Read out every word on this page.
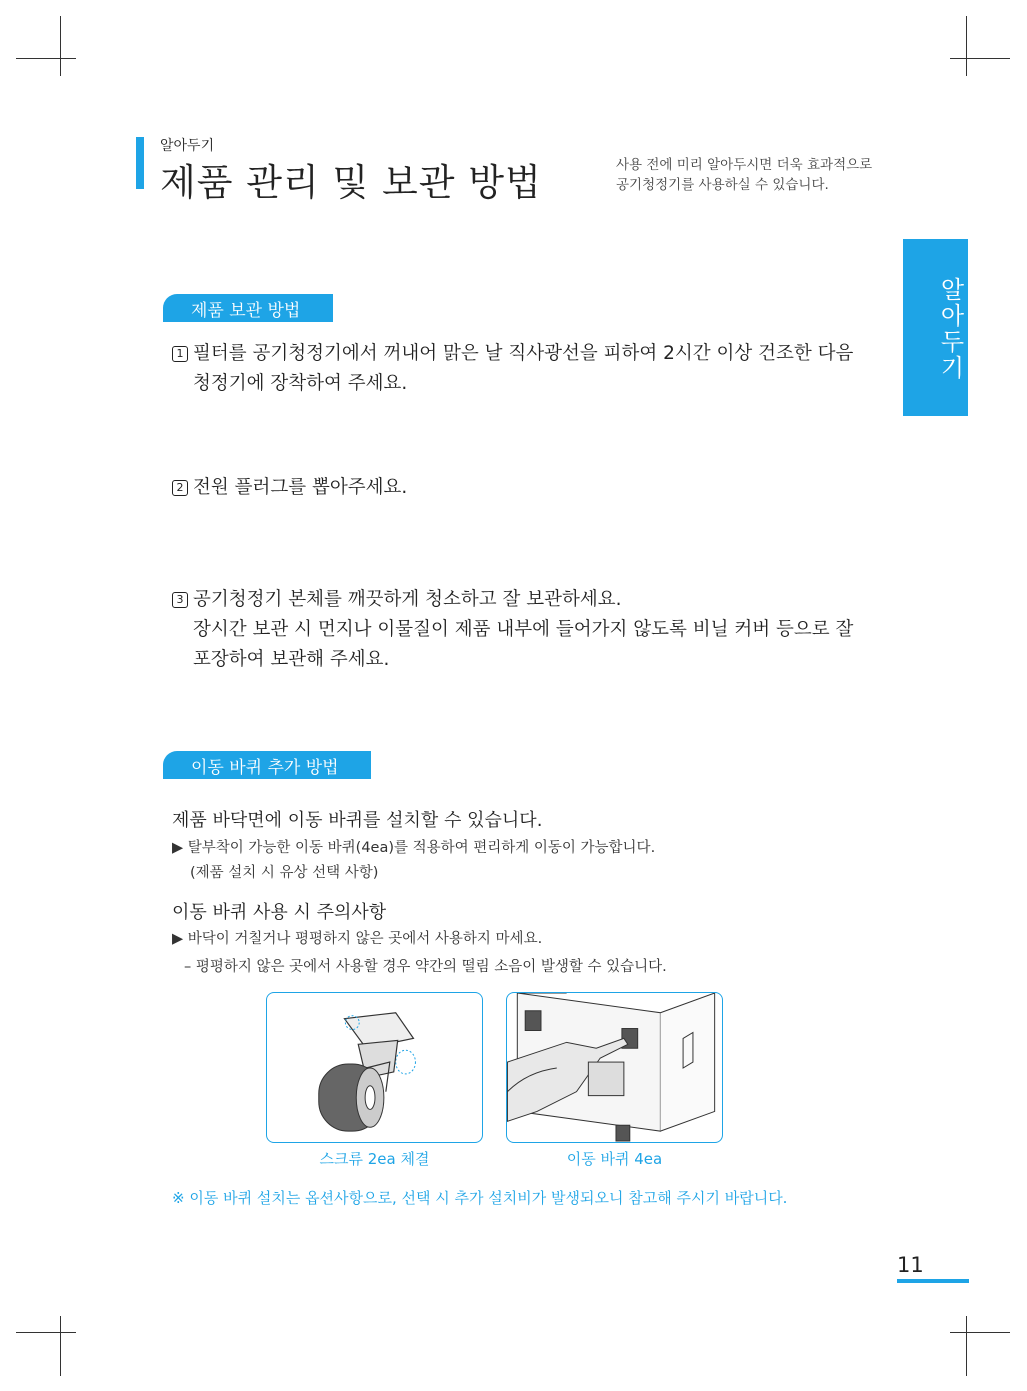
알아두기
제품 관리 및 보관 방법	사용 전에 미리 알아두시면 더욱 효과적으로
공기청정기를 사용하실 수 있습니다.
알아두기
제품 보관 방법
1 필터를 공기청정기에서 꺼내어 맑은 날 직사광선을 피하여 2시간 이상 건조한 다음
청정기에 장착하여 주세요.
2 전원 플러그를 뽑아주세요.
3 공기청정기 본체를 깨끗하게 청소하고 잘 보관하세요.
장시간 보관 시 먼지나 이물질이 제품 내부에 들어가지 않도록 비닐 커버 등으로 잘
포장하여 보관해 주세요.
이동 바퀴 추가 방법
제품 바닥면에 이동 바퀴를 설치할 수 있습니다.
▶ 탈부착이 가능한 이동 바퀴(4ea)를 적용하여 편리하게 이동이 가능합니다.
(제품 설치 시 유상 선택 사항)
이동 바퀴 사용 시 주의사항
▶ 바닥이 거칠거나 평평하지 않은 곳에서 사용하지 마세요.
– 평평하지 않은 곳에서 사용할 경우 약간의 떨림 소음이 발생할 수 있습니다.
스크류 2ea 체결	이동 바퀴 4ea
※ 이동 바퀴 설치는 옵션사항으로, 선택 시 추가 설치비가 발생되오니 참고해 주시기 바랍니다.
11
